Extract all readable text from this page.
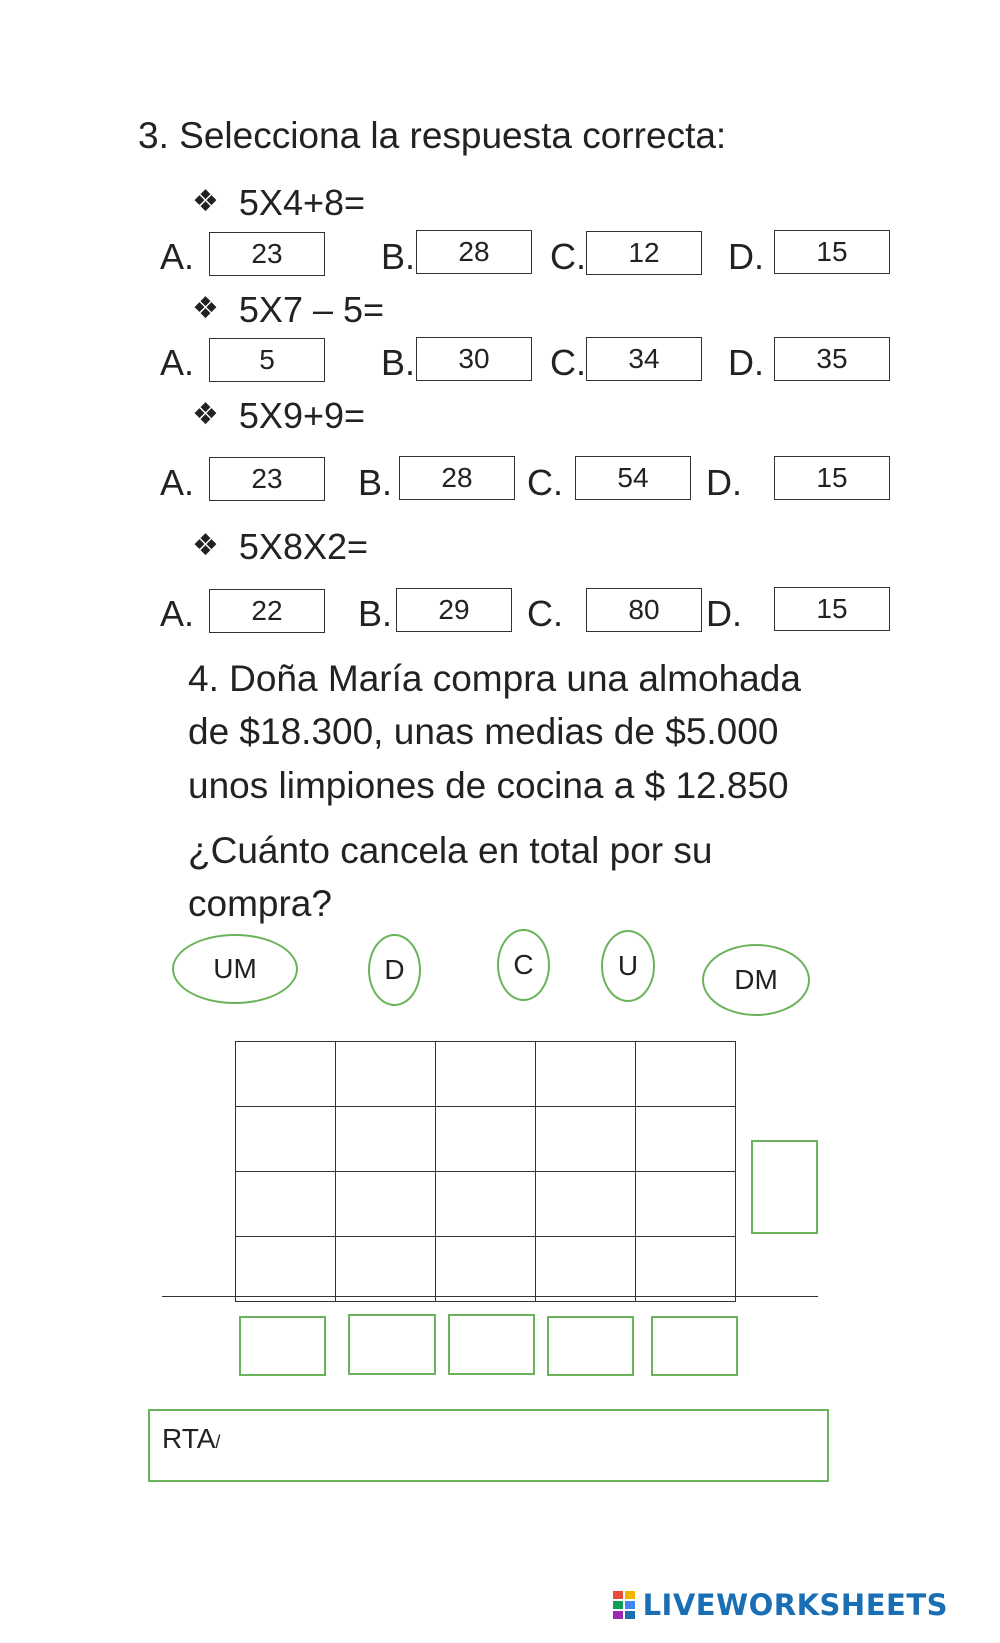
3. Selecciona la respuesta correcta:
❖ 5X4+8=
A.	23	B.	28	C.	12	D.	15
❖ 5X7 – 5=
A.	5	B.	30	C.	34	D.	35
❖ 5X9+9=
A.	23	B.	28	C.	54	D.	15
❖ 5X8X2=
A.	22	B.	29	C.	80	D.	15
4. Doña María compra una almohada
de $18.300, unas medias de $5.000
unos limpiones de cocina a $ 12.850
¿Cuánto cancela en total por su
compra?
UM	D	C	U	DM

RTA/
LIVEWORKSHEETS
